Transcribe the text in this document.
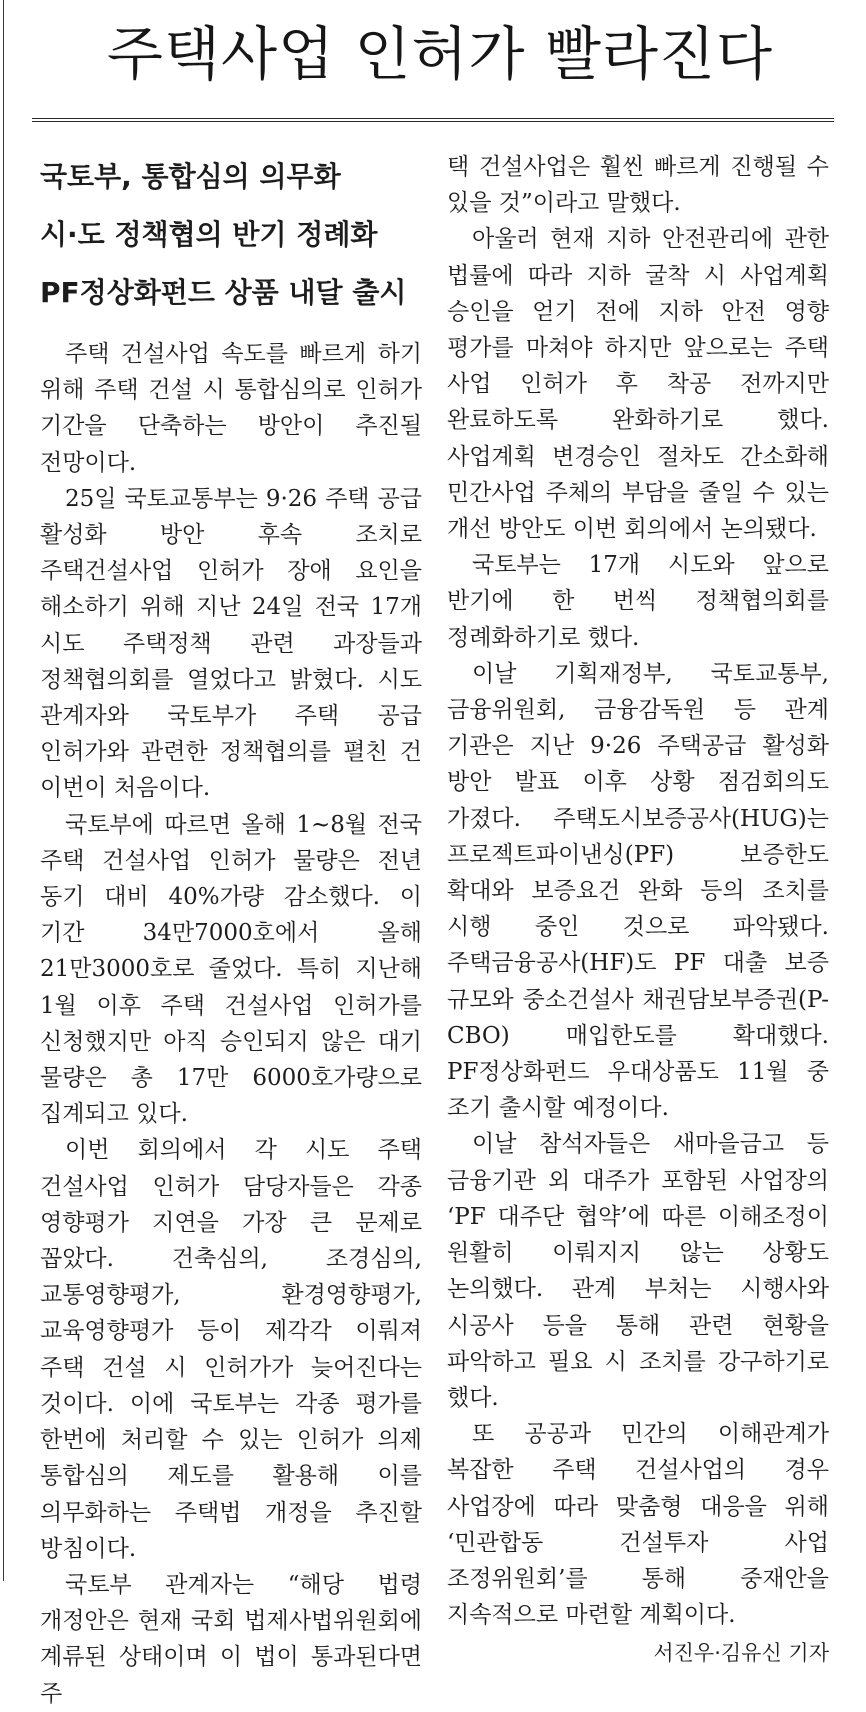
주택사업 인허가 빨라진다
국토부, 통합심의 의무화
시·도 정책협의 반기 정례화
PF정상화펀드 상품 내달 출시

주택 건설사업 속도를 빠르게 하기 위해 주택 건설 시 통합심의로 인허가 기간을 단축하는 방안이 추진될 전망이다.

25일 국토교통부는 9·26 주택 공급 활성화 방안 후속 조치로 주택건설사업 인허가 장애 요인을 해소하기 위해 지난 24일 전국 17개 시도 주택정책 관련 과장들과 정책협의회를 열었다고 밝혔다. 시도 관계자와 국토부가 주택 공급 인허가와 관련한 정책협의를 펼친 건 이번이 처음이다.

국토부에 따르면 올해 1~8월 전국 주택 건설사업 인허가 물량은 전년 동기 대비 40%가량 감소했다. 이 기간 34만7000호에서 올해 21만3000호로 줄었다. 특히 지난해 1월 이후 주택 건설사업 인허가를 신청했지만 아직 승인되지 않은 대기 물량은 총 17만 6000호가량으로 집계되고 있다.

이번 회의에서 각 시도 주택 건설사업 인허가 담당자들은 각종 영향평가 지연을 가장 큰 문제로 꼽았다. 건축심의, 조경심의, 교통영향평가, 환경영향평가, 교육영향평가 등이 제각각 이뤄져 주택 건설 시 인허가가 늦어진다는 것이다. 이에 국토부는 각종 평가를 한번에 처리할 수 있는 인허가 의제 통합심의 제도를 활용해 이를 의무화하는 주택법 개정을 추진할 방침이다.

국토부 관계자는 “해당 법령 개정안은 현재 국회 법제사법위원회에 계류된 상태이며 이 법이 통과된다면 주

택 건설사업은 훨씬 빠르게 진행될 수 있을 것”이라고 말했다.

아울러 현재 지하 안전관리에 관한 법률에 따라 지하 굴착 시 사업계획 승인을 얻기 전에 지하 안전 영향 평가를 마쳐야 하지만 앞으로는 주택 사업 인허가 후 착공 전까지만 완료하도록 완화하기로 했다. 사업계획 변경승인 절차도 간소화해 민간사업 주체의 부담을 줄일 수 있는 개선 방안도 이번 회의에서 논의됐다.

국토부는 17개 시도와 앞으로 반기에 한 번씩 정책협의회를 정례화하기로 했다.

이날 기획재정부, 국토교통부, 금융위원회, 금융감독원 등 관계 기관은 지난 9·26 주택공급 활성화 방안 발표 이후 상황 점검회의도 가졌다. 주택도시보증공사(HUG)는 프로젝트파이낸싱(PF) 보증한도 확대와 보증요건 완화 등의 조치를 시행 중인 것으로 파악됐다. 주택금융공사(HF)도 PF 대출 보증 규모와 중소건설사 채권담보부증권(P-CBO) 매입한도를 확대했다. PF정상화펀드 우대상품도 11월 중 조기 출시할 예정이다.

이날 참석자들은 새마을금고 등 금융기관 외 대주가 포함된 사업장의 ‘PF 대주단 협약’에 따른 이해조정이 원활히 이뤄지지 않는 상황도 논의했다. 관계 부처는 시행사와 시공사 등을 통해 관련 현황을 파악하고 필요 시 조치를 강구하기로 했다.

또 공공과 민간의 이해관계가 복잡한 주택 건설사업의 경우 사업장에 따라 맞춤형 대응을 위해 ‘민관합동 건설투자 사업 조정위원회’를 통해 중재안을 지속적으로 마련할 계획이다.

서진우·김유신 기자
